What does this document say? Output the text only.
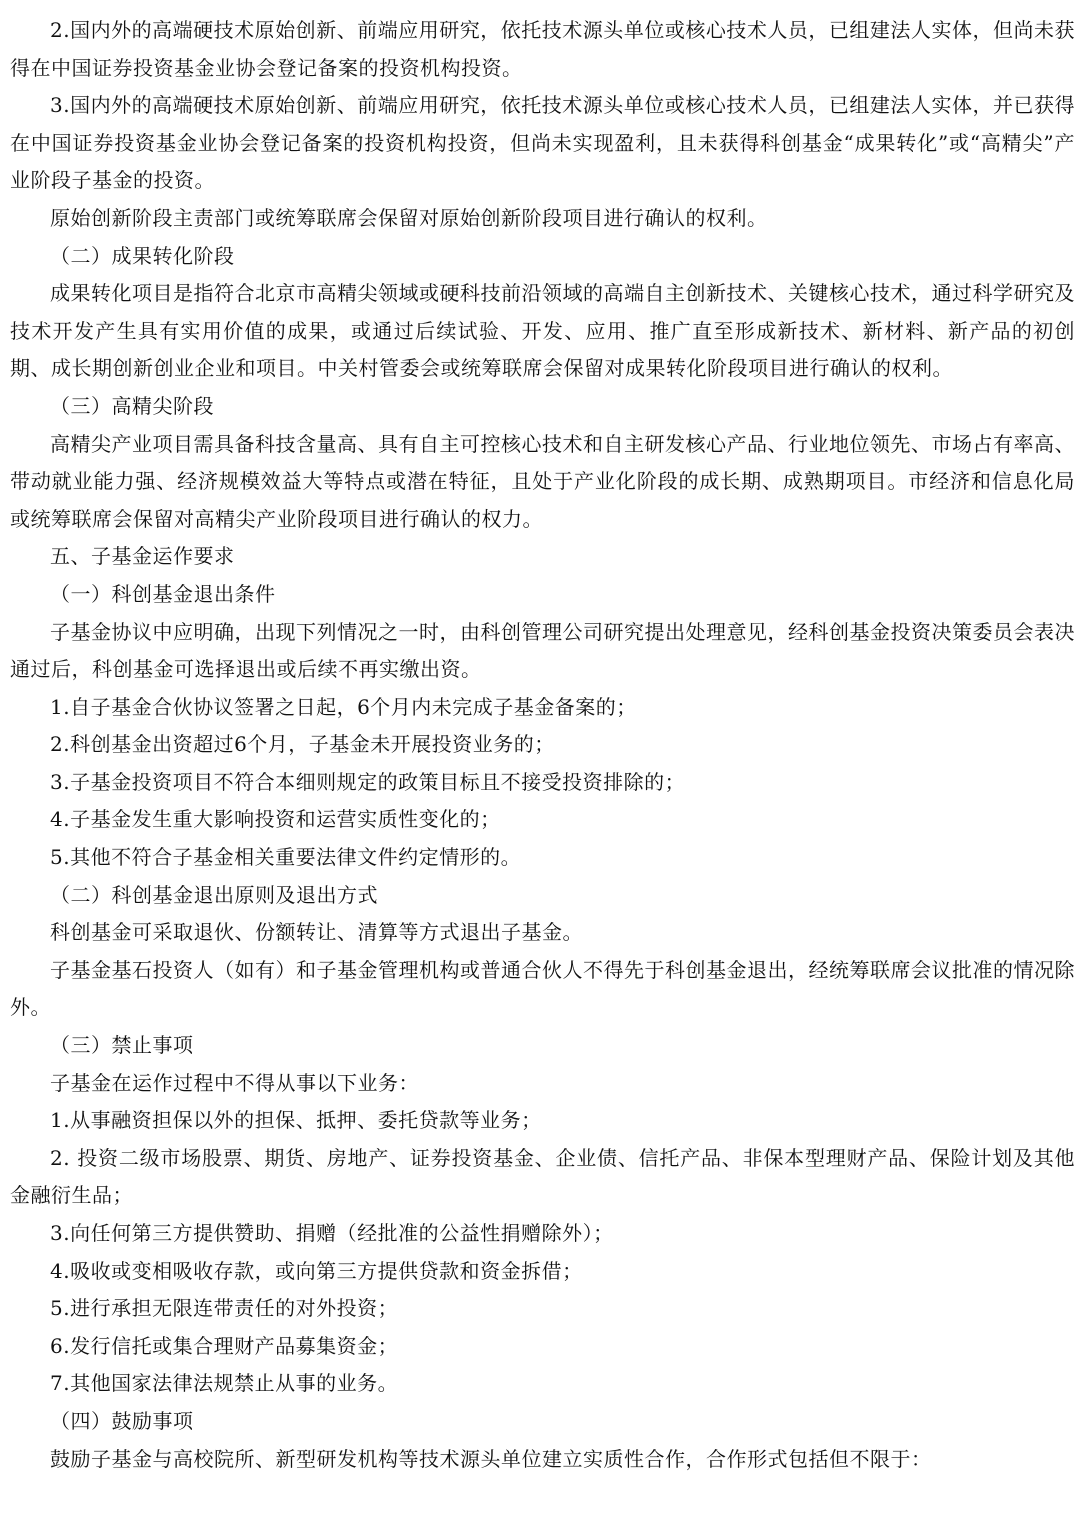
2.国内外的高端硬技术原始创新、前端应用研究，依托技术源头单位或核心技术人员，已组建法人实体，但尚未获得在中国证券投资基金业协会登记备案的投资机构投资。

3.国内外的高端硬技术原始创新、前端应用研究，依托技术源头单位或核心技术人员，已组建法人实体，并已获得在中国证券投资基金业协会登记备案的投资机构投资，但尚未实现盈利，且未获得科创基金“成果转化”或“高精尖”产业阶段子基金的投资。

原始创新阶段主责部门或统筹联席会保留对原始创新阶段项目进行确认的权利。

（二）成果转化阶段

成果转化项目是指符合北京市高精尖领域或硬科技前沿领域的高端自主创新技术、关键核心技术，通过科学研究及技术开发产生具有实用价值的成果，或通过后续试验、开发、应用、推广直至形成新技术、新材料、新产品的初创期、成长期创新创业企业和项目。中关村管委会或统筹联席会保留对成果转化阶段项目进行确认的权利。

（三）高精尖阶段

高精尖产业项目需具备科技含量高、具有自主可控核心技术和自主研发核心产品、行业地位领先、市场占有率高、带动就业能力强、经济规模效益大等特点或潜在特征，且处于产业化阶段的成长期、成熟期项目。市经济和信息化局或统筹联席会保留对高精尖产业阶段项目进行确认的权力。

五、子基金运作要求

（一）科创基金退出条件

子基金协议中应明确，出现下列情况之一时，由科创管理公司研究提出处理意见，经科创基金投资决策委员会表决通过后，科创基金可选择退出或后续不再实缴出资。

1.自子基金合伙协议签署之日起，6个月内未完成子基金备案的；

2.科创基金出资超过6个月，子基金未开展投资业务的；

3.子基金投资项目不符合本细则规定的政策目标且不接受投资排除的；

4.子基金发生重大影响投资和运营实质性变化的；

5.其他不符合子基金相关重要法律文件约定情形的。

（二）科创基金退出原则及退出方式

科创基金可采取退伙、份额转让、清算等方式退出子基金。

子基金基石投资人（如有）和子基金管理机构或普通合伙人不得先于科创基金退出，经统筹联席会议批准的情况除外。

（三）禁止事项

子基金在运作过程中不得从事以下业务：

1.从事融资担保以外的担保、抵押、委托贷款等业务；

2. 投资二级市场股票、期货、房地产、证券投资基金、企业债、信托产品、非保本型理财产品、保险计划及其他金融衍生品；

3.向任何第三方提供赞助、捐赠（经批准的公益性捐赠除外）；

4.吸收或变相吸收存款，或向第三方提供贷款和资金拆借；

5.进行承担无限连带责任的对外投资；

6.发行信托或集合理财产品募集资金；

7.其他国家法律法规禁止从事的业务。

（四）鼓励事项

鼓励子基金与高校院所、新型研发机构等技术源头单位建立实质性合作，合作形式包括但不限于：
